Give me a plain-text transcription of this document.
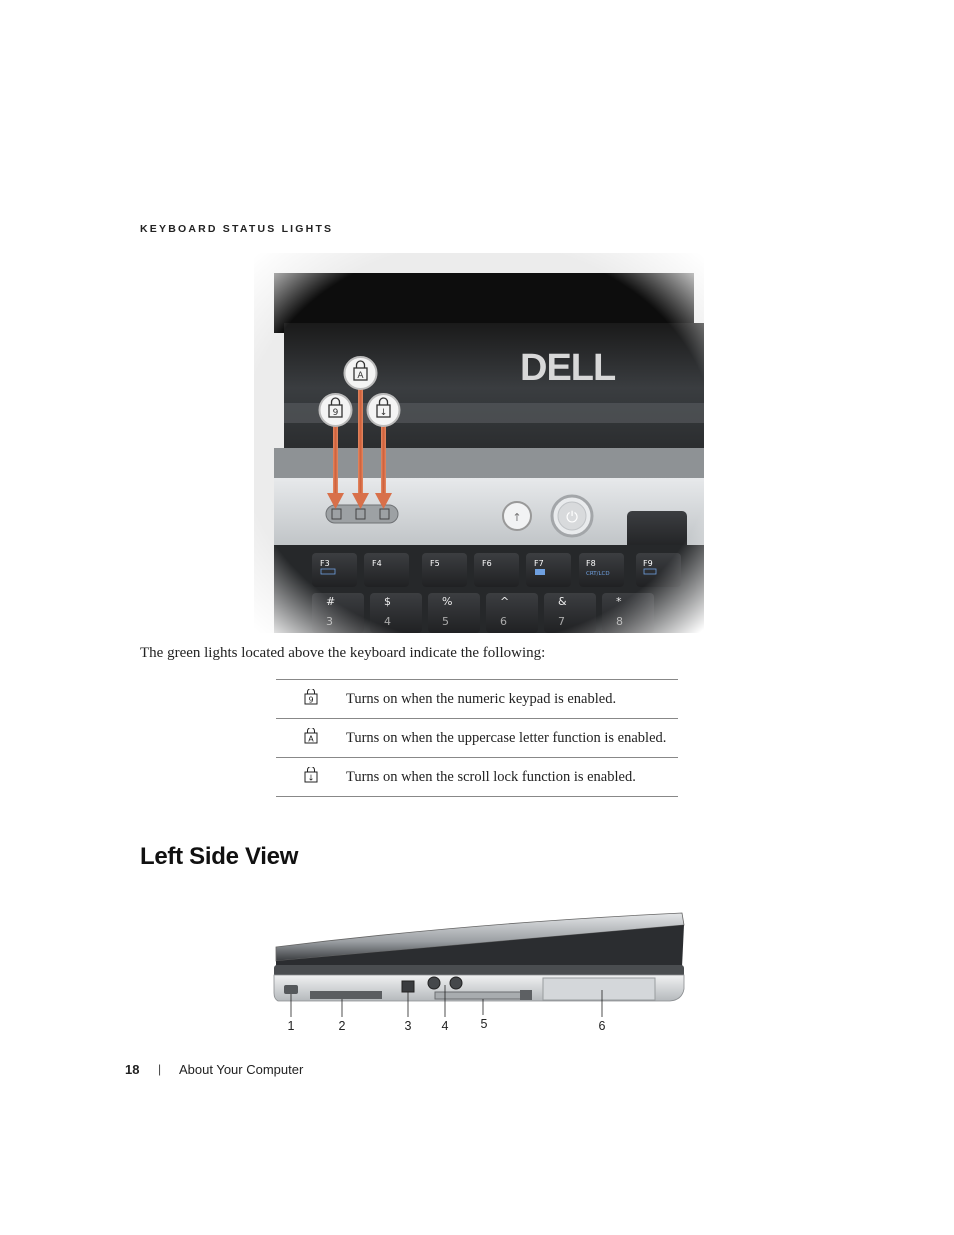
KEYBOARD STATUS LIGHTS
The green lights located above the keyboard indicate the following:
9	Turns on when the numeric keypad is enabled.

A	Turns on when the uppercase letter function is enabled.

↓	Turns on when the scroll lock function is enabled.
Left Side View
1	2	3 4	5	6
18 | About Your Computer
